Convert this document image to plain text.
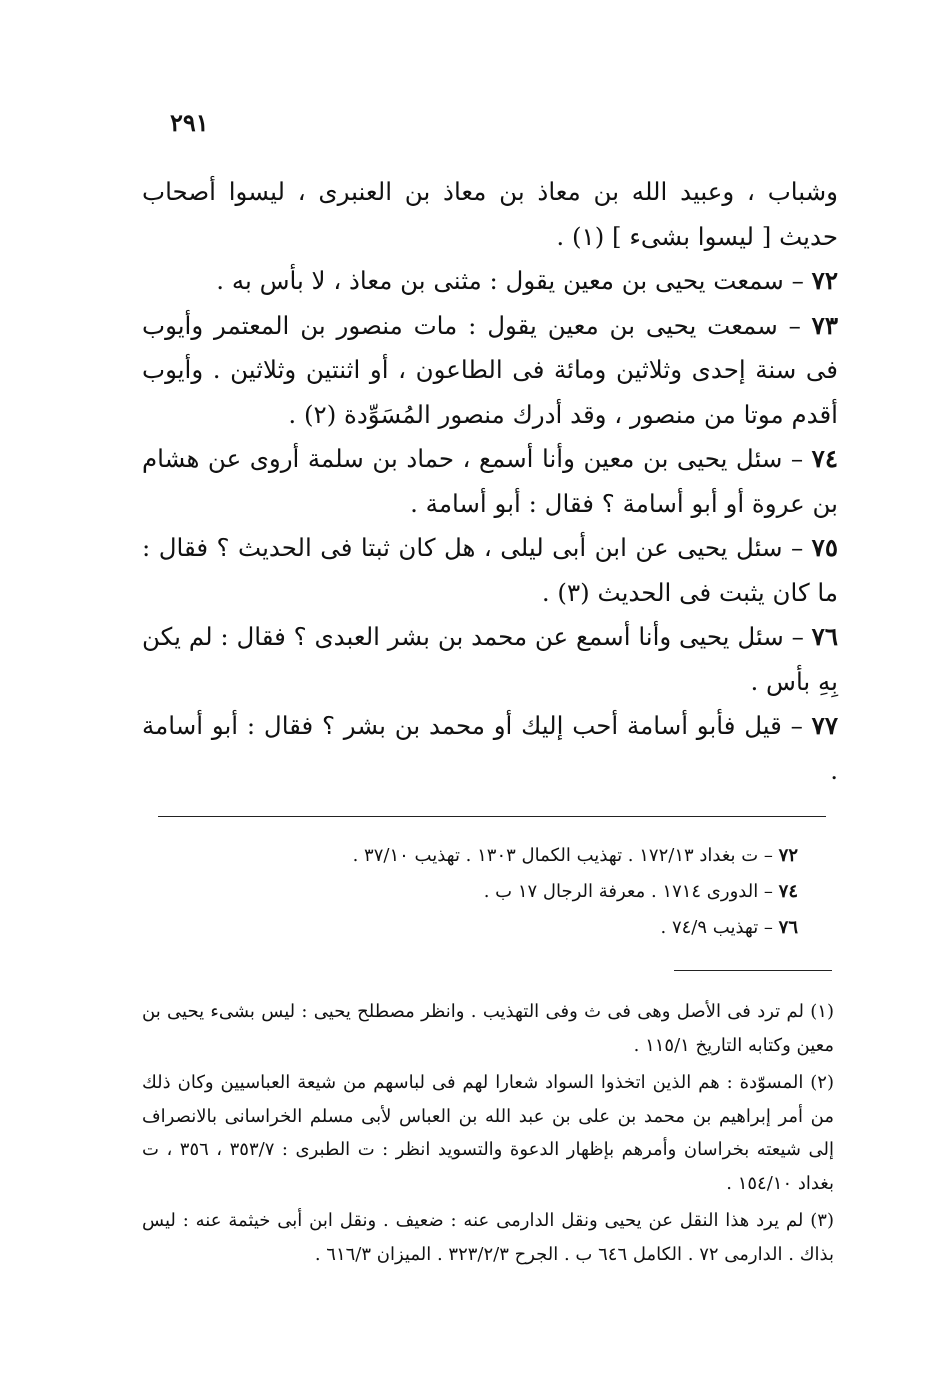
٢٩١

وشباب ، وعبيد الله بن معاذ بن معاذ بن العنبرى ، ليسوا أصحاب حديث [ ليسوا بشىء ] (١) .

٧٢ – سمعت يحيى بن معين يقول : مثنى بن معاذ ، لا بأس به .

٧٣ – سمعت يحيى بن معين يقول : مات منصور بن المعتمر وأيوب فى سنة إحدى وثلاثين ومائة فى الطاعون ، أو اثنتين وثلاثين . وأيوب أقدم موتا من منصور ، وقد أدرك منصور المُسَوِّدة (٢) .

٧٤ – سئل يحيى بن معين وأنا أسمع ، حماد بن سلمة أروى عن هشام بن عروة أو أبو أسامة ؟ فقال : أبو أسامة .

٧٥ – سئل يحيى عن ابن أبى ليلى ، هل كان ثبتا فى الحديث ؟ فقال : ما كان يثبت فى الحديث (٣) .

٧٦ – سئل يحيى وأنا أسمع عن محمد بن بشر العبدى ؟ فقال : لم يكن بِهِ بأس .

٧٧ – قيل فأبو أسامة أحب إليك أو محمد بن بشر ؟ فقال : أبو أسامة .

٧٢ – ت بغداد ١٧٢/١٣ . تهذيب الكمال ١٣٠٣ . تهذيب ٣٧/١٠ .

٧٤ – الدورى ١٧١٤ . معرفة الرجال ١٧ ب .

٧٦ – تهذيب ٧٤/٩ .

(١) لم ترد فى الأصل وهى فى ث وفى التهذيب . وانظر مصطلح يحيى : ليس بشىء يحيى بن معين وكتابه التاريخ ١١٥/١ .

(٢) المسوّدة : هم الذين اتخذوا السواد شعارا لهم فى لباسهم من شيعة العباسيين وكان ذلك من أمر إبراهيم بن محمد بن على بن عبد الله بن العباس لأبى مسلم الخراسانى بالانصراف إلى شيعته بخراسان وأمرهم بإظهار الدعوة والتسويد انظر : ت الطبرى : ٣٥٣/٧ ، ٣٥٦ ، ت بغداد ١٥٤/١٠ .

(٣) لم يرد هذا النقل عن يحيى ونقل الدارمى عنه : ضعيف . ونقل ابن أبى خيثمة عنه : ليس بذاك . الدارمى ٧٢ . الكامل ٦٤٦ ب . الجرح ٣٢٣/٢/٣ . الميزان ٦١٦/٣ .
